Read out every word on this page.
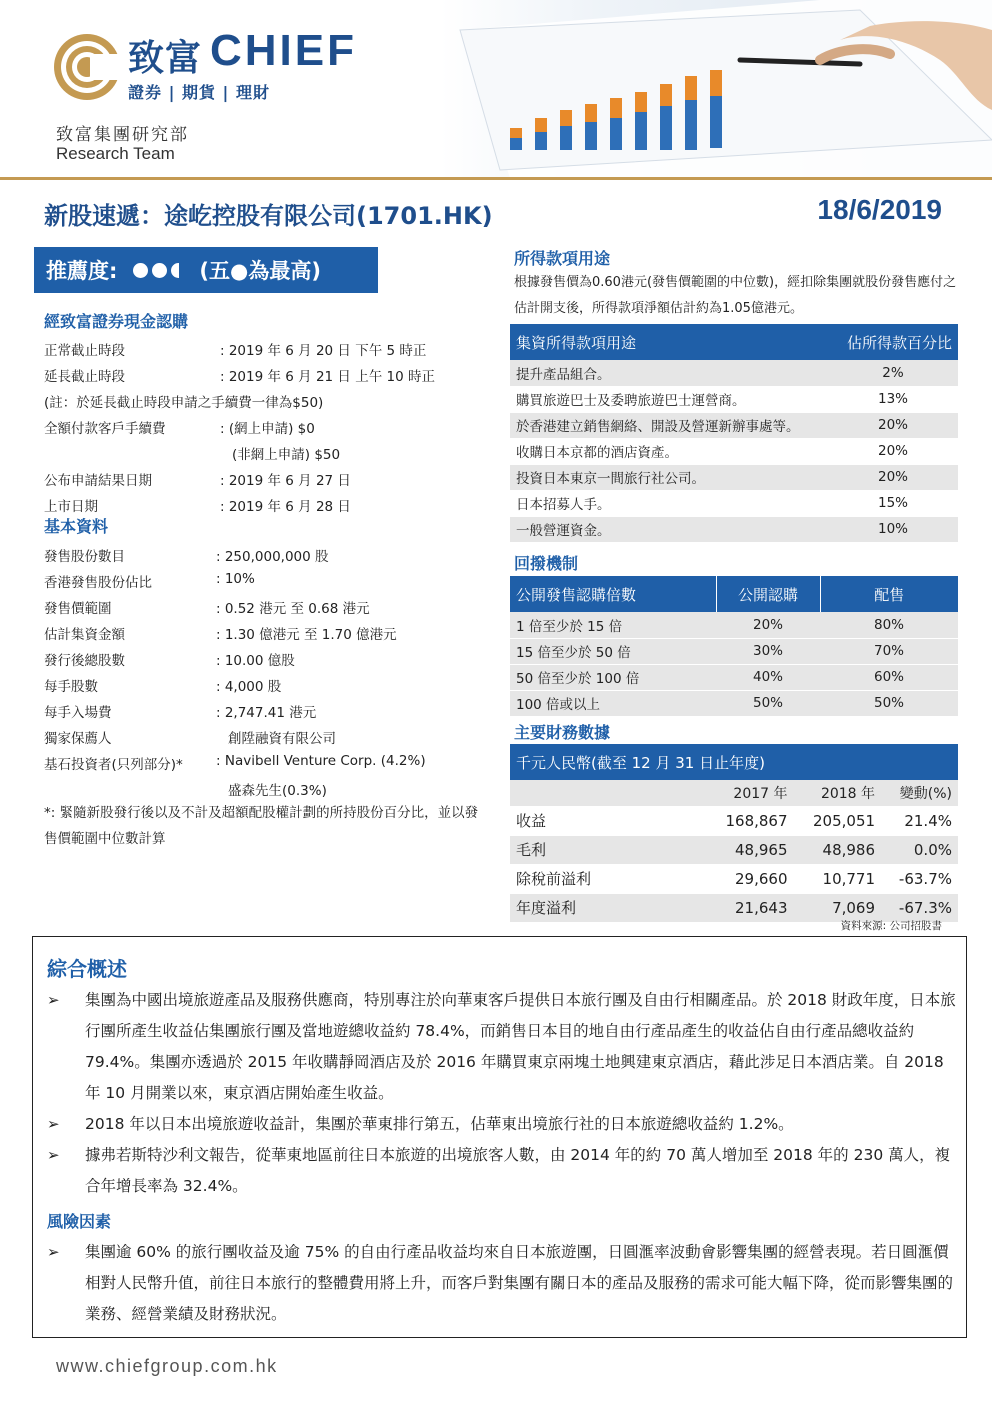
致富 CHIEF
證券 | 期貨 | 理財
致富集團研究部
Research Team
新股速遞：途屹控股有限公司(1701.HK)	18/6/2019
推薦度:	(五●為最高)
經致富證券現金認購
正常截止時段	: 2019 年 6 月 20 日 下午 5 時正
延長截止時段	: 2019 年 6 月 21 日 上午 10 時正
(註：於延長截止時段申請之手續費一律為$50)
全額付款客戶手續費	: (網上申請) $0
(非網上申請) $50
公布申請結果日期	: 2019 年 6 月 27 日
上市日期	: 2019 年 6 月 28 日
基本資料
發售股份數目	: 250,000,000 股
香港發售股份佔比	: 10%
發售價範圍	: 0.52 港元 至 0.68 港元
估計集資金額	: 1.30 億港元 至 1.70 億港元
發行後總股數	: 10.00 億股
每手股數	: 4,000 股
每手入場費	: 2,747.41 港元
獨家保薦人	創陞融資有限公司
基石投資者(只列部分)* : Navibell Venture Corp. (4.2%)
盛森先生(0.3%)
*: 緊隨新股發行後以及不計及超額配股權計劃的所持股份百分比，並以發售價範圍中位數計算
所得款項用途
根據發售價為0.60港元(發售價範圍的中位數)，經扣除集團就股份發售應付之估計開支後，所得款項淨額估計約為1.05億港元。
集資所得款項用途	佔所得款百分比
提升產品組合。	2%
購買旅遊巴士及委聘旅遊巴士運營商。	13%
於香港建立銷售網絡、開設及營運新辦事處等。	20%
收購日本京都的酒店資產。	20%
投資日本東京一間旅行社公司。	20%
日本招募人手。	15%
一般營運資金。	10%
回撥機制
公開發售認購倍數	公開認購	配售
1 倍至少於 15 倍	20%	80%
15 倍至少於 50 倍	30%	70%
50 倍至少於 100 倍	40%	60%
100 倍或以上	50%	50%
主要財務數據
千元人民幣(截至 12 月 31 日止年度)			
	2017 年	2018 年	變動(%)
收益	168,867	205,051	21.4%
毛利	48,965	48,986	0.0%
除稅前溢利	29,660	10,771	-63.7%
年度溢利	21,643	7,069	-67.3%
資料來源: 公司招股書
綜合概述
➢ 集團為中國出境旅遊產品及服務供應商，特別專注於向華東客戶提供日本旅行團及自由行相關產品。於 2018 財政年度，日本旅行團所產生收益佔集團旅行團及當地遊總收益約 78.4%，而銷售日本目的地自由行產品產生的收益佔自由行產品總收益約 79.4%。集團亦透過於 2015 年收購靜岡酒店及於 2016 年購買東京兩塊土地興建東京酒店，藉此涉足日本酒店業。自 2018 年 10 月開業以來，東京酒店開始產生收益。
➢ 2018 年以日本出境旅遊收益計，集團於華東排行第五，佔華東出境旅行社的日本旅遊總收益約 1.2%。
➢ 據弗若斯特沙利文報告，從華東地區前往日本旅遊的出境旅客人數，由 2014 年的約 70 萬人增加至 2018 年的 230 萬人，複合年增長率為 32.4%。
風險因素
➢ 集團逾 60% 的旅行團收益及逾 75% 的自由行產品收益均來自日本旅遊團，日圓滙率波動會影響集團的經營表現。若日圓滙價相對人民幣升值，前往日本旅行的整體費用將上升，而客戶對集團有關日本的產品及服務的需求可能大幅下降，從而影響集團的業務、經營業績及財務狀況。
www.chiefgroup.com.hk
